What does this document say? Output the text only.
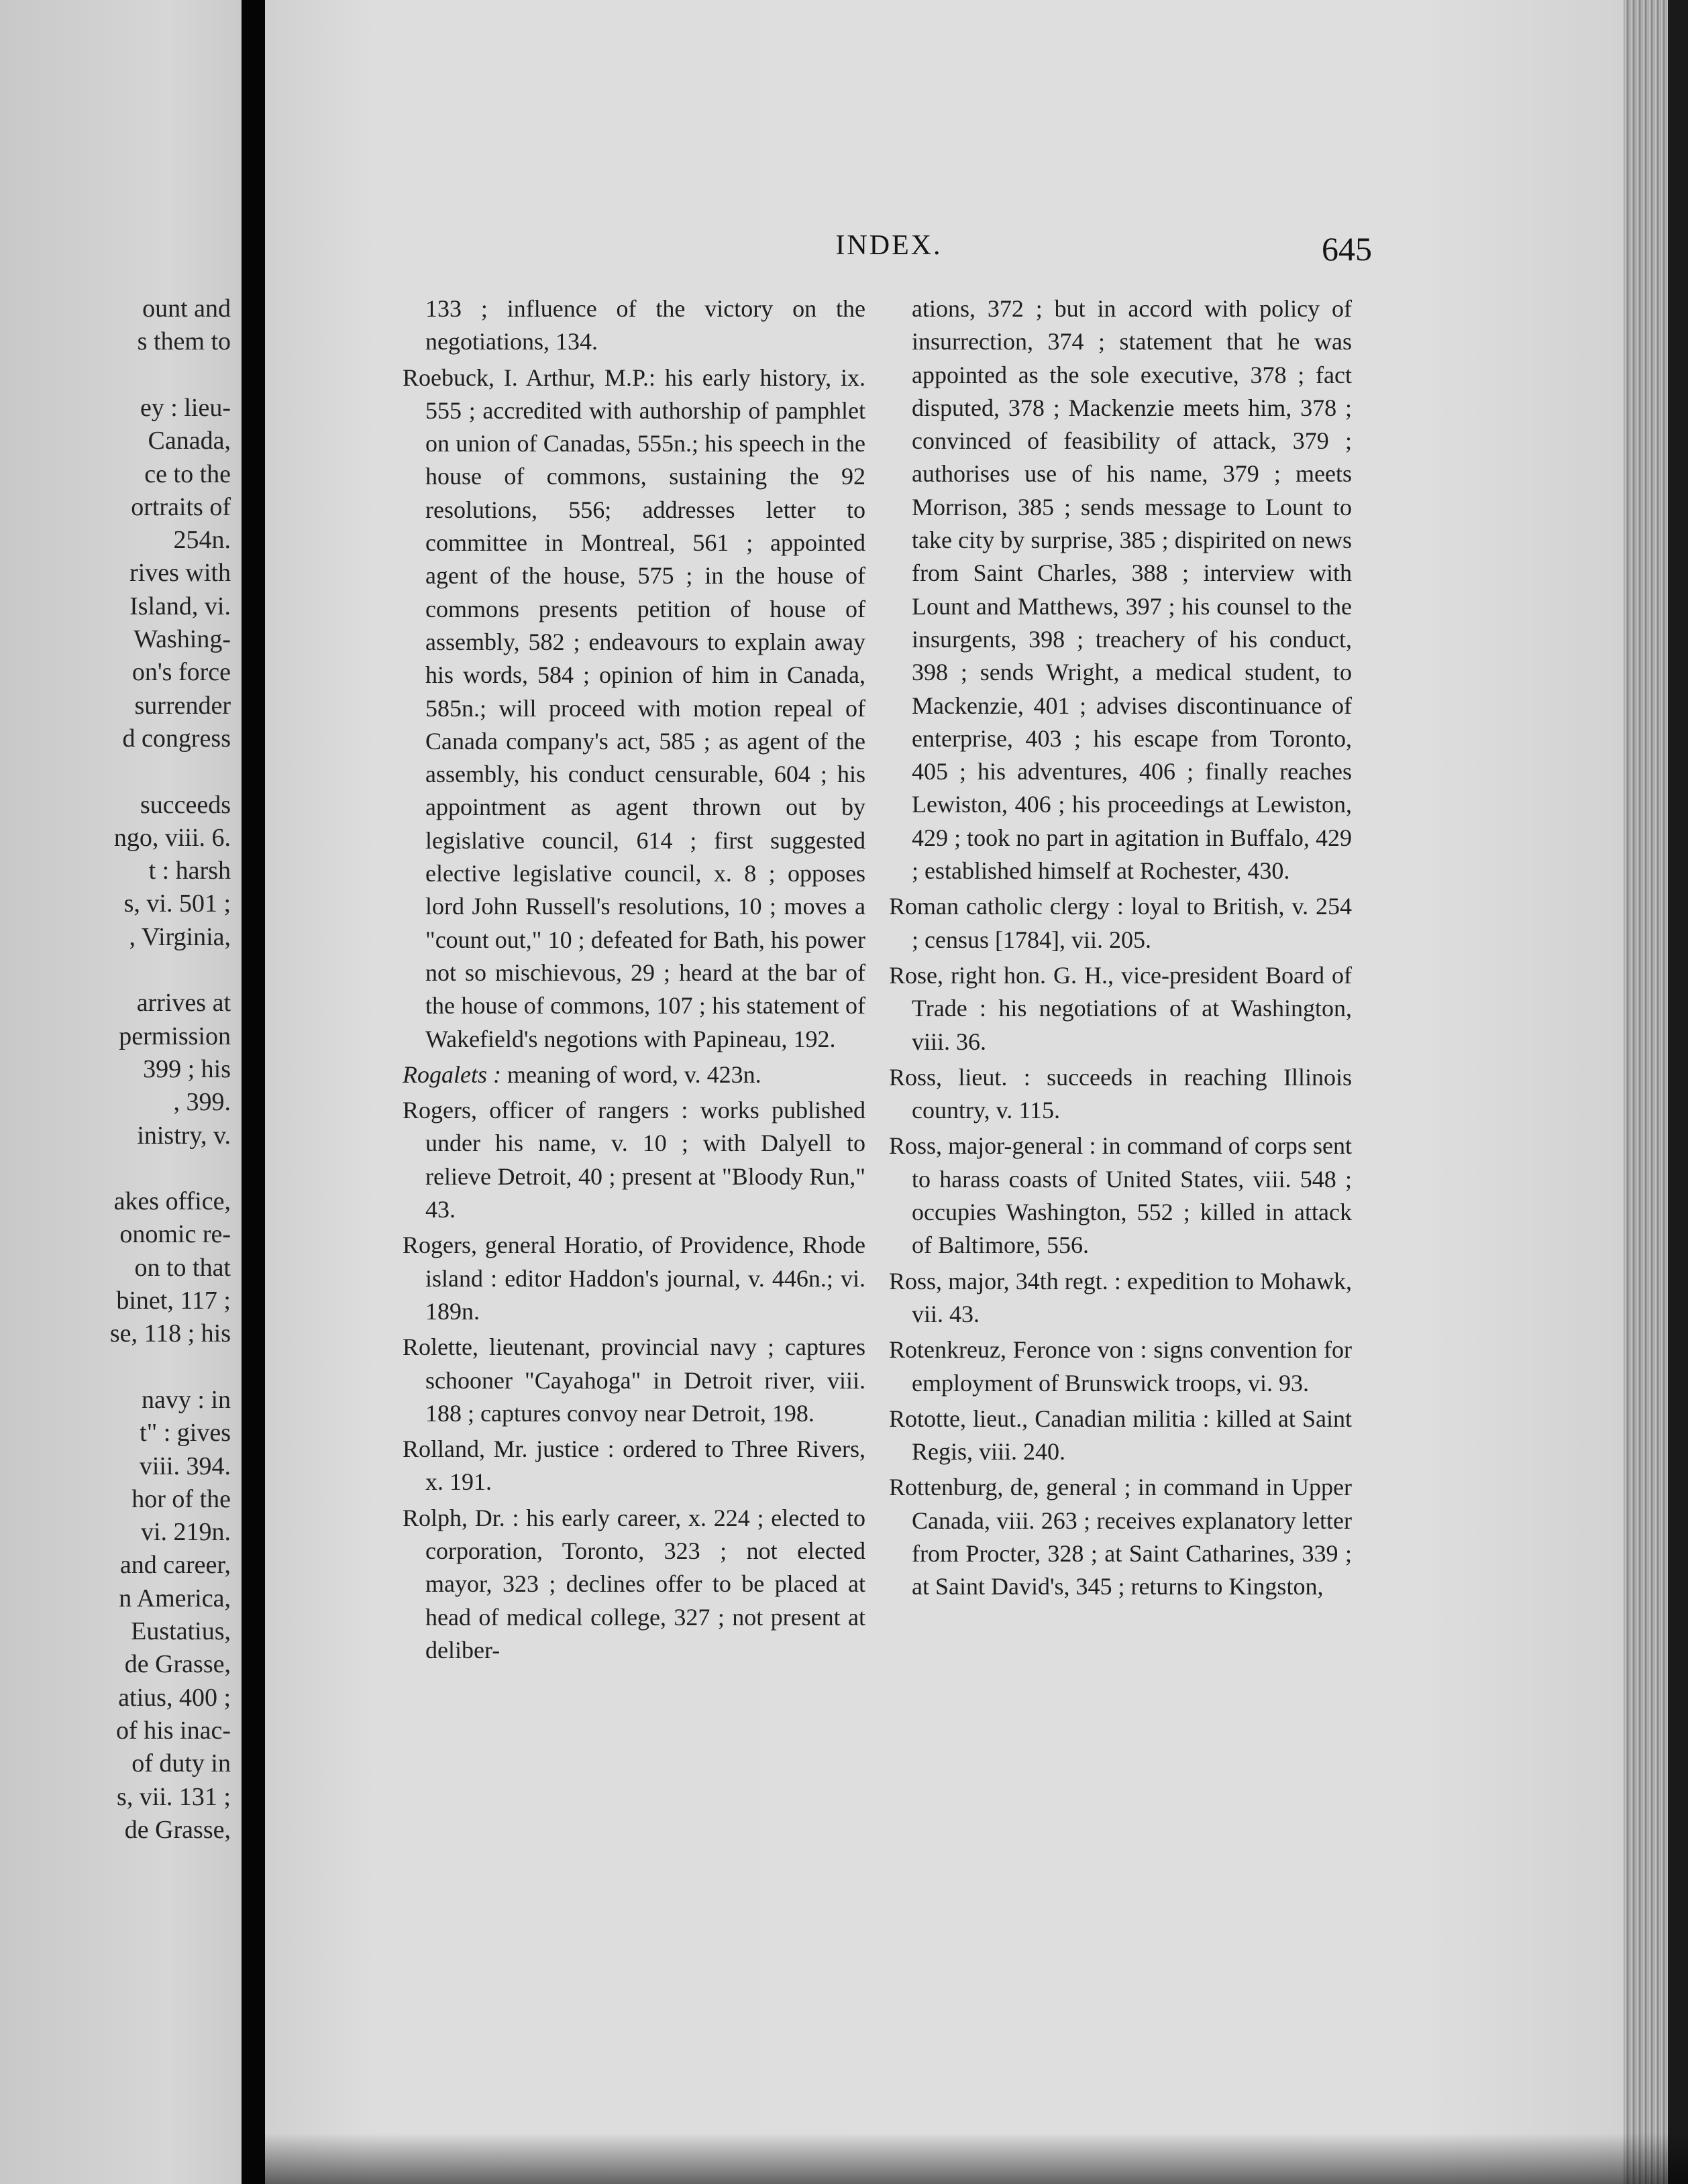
ount and
s them to
ey : lieu-
Canada,
ce to the
ortraits of
254n.
rives with
Island, vi.
Washing-
on's force
surrender
d congress
succeeds
ngo, viii. 6.
t : harsh
s, vi. 501 ;
, Virginia,
arrives at
permission
399 ; his
, 399.
inistry, v.
akes office,
onomic re-
on to that
binet, 117 ;
se, 118 ; his
navy : in
t" : gives
viii. 394.
hor of the
vi. 219n.
and career,
n America,
Eustatius,
de Grasse,
atius, 400 ;
of his inac-
of duty in
s, vii. 131 ;
de Grasse,
INDEX.	645

133 ; influence of the victory on the negotiations, 134.

Roebuck, I. Arthur, M.P.: his early history, ix. 555 ; accredited with authorship of pamphlet on union of Canadas, 555n.; his speech in the house of commons, sustaining the 92 resolutions, 556; addresses letter to committee in Montreal, 561 ; appointed agent of the house, 575 ; in the house of commons presents petition of house of assembly, 582 ; endeavours to explain away his words, 584 ; opinion of him in Canada, 585n.; will proceed with motion repeal of Canada company's act, 585 ; as agent of the assembly, his conduct censurable, 604 ; his appointment as agent thrown out by legislative council, 614 ; first suggested elective legislative council, x. 8 ; opposes lord John Russell's resolutions, 10 ; moves a "count out," 10 ; defeated for Bath, his power not so mischievous, 29 ; heard at the bar of the house of commons, 107 ; his statement of Wakefield's negotions with Papineau, 192.

Rogalets : meaning of word, v. 423n.

Rogers, officer of rangers : works published under his name, v. 10 ; with Dalyell to relieve Detroit, 40 ; present at "Bloody Run," 43.

Rogers, general Horatio, of Providence, Rhode island : editor Haddon's journal, v. 446n.; vi. 189n.

Rolette, lieutenant, provincial navy ; captures schooner "Cayahoga" in Detroit river, viii. 188 ; captures convoy near Detroit, 198.

Rolland, Mr. justice : ordered to Three Rivers, x. 191.

Rolph, Dr. : his early career, x. 224 ; elected to corporation, Toronto, 323 ; not elected mayor, 323 ; declines offer to be placed at head of medical college, 327 ; not present at deliber-

ations, 372 ; but in accord with policy of insurrection, 374 ; statement that he was appointed as the sole executive, 378 ; fact disputed, 378 ; Mackenzie meets him, 378 ; convinced of feasibility of attack, 379 ; authorises use of his name, 379 ; meets Morrison, 385 ; sends message to Lount to take city by surprise, 385 ; dispirited on news from Saint Charles, 388 ; interview with Lount and Matthews, 397 ; his counsel to the insurgents, 398 ; treachery of his conduct, 398 ; sends Wright, a medical student, to Mackenzie, 401 ; advises discontinuance of enterprise, 403 ; his escape from Toronto, 405 ; his adventures, 406 ; finally reaches Lewiston, 406 ; his proceedings at Lewiston, 429 ; took no part in agitation in Buffalo, 429 ; established himself at Rochester, 430.

Roman catholic clergy : loyal to British, v. 254 ; census [1784], vii. 205.

Rose, right hon. G. H., vice-president Board of Trade : his negotiations of at Washington, viii. 36.

Ross, lieut. : succeeds in reaching Illinois country, v. 115.

Ross, major-general : in command of corps sent to harass coasts of United States, viii. 548 ; occupies Washington, 552 ; killed in attack of Baltimore, 556.

Ross, major, 34th regt. : expedition to Mohawk, vii. 43.

Rotenkreuz, Feronce von : signs convention for employment of Brunswick troops, vi. 93.

Rototte, lieut., Canadian militia : killed at Saint Regis, viii. 240.

Rottenburg, de, general ; in command in Upper Canada, viii. 263 ; receives explanatory letter from Procter, 328 ; at Saint Catharines, 339 ; at Saint David's, 345 ; returns to Kingston,
